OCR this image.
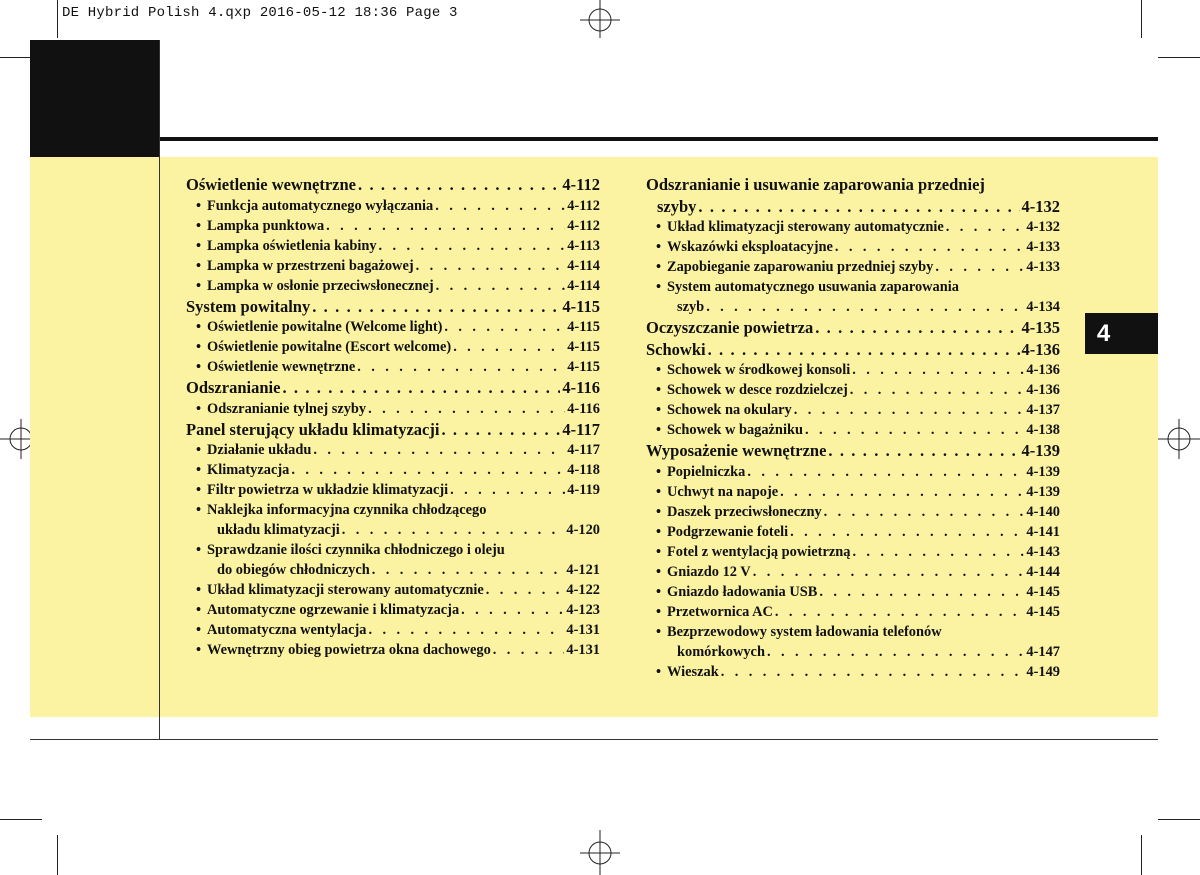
DE Hybrid Polish 4.qxp 2016-05-12 18:36 Page 3
4
Oświetlenie wewnętrzne . . .	4-112
• Funkcja automatycznego wyłączania . . .	4-112
• Lampka punktowa . . .	4-112
• Lampka oświetlenia kabiny . . .	4-113
• Lampka w przestrzeni bagażowej . . .	4-114
• Lampka w osłonie przeciwsłonecznej . . .	4-114
System powitalny . . .	4-115
• Oświetlenie powitalne (Welcome light) . . .	4-115
• Oświetlenie powitalne (Escort welcome) . . .	4-115
• Oświetlenie wewnętrzne . . .	4-115
Odszranianie . . .	4-116
• Odszranianie tylnej szyby . . .	4-116
Panel sterujący układu klimatyzacji . . .	4-117
• Działanie układu . . .	4-117
• Klimatyzacja . . .	4-118
• Filtr powietrza w układzie klimatyzacji . . .	4-119
• Naklejka informacyjna czynnika chłodzącego
układu klimatyzacji . . .	4-120
• Sprawdzanie ilości czynnika chłodniczego i oleju
do obiegów chłodniczych . . .	4-121
• Układ klimatyzacji sterowany automatycznie . . .	4-122
• Automatyczne ogrzewanie i klimatyzacja . . .	4-123
• Automatyczna wentylacja . . .	4-131
• Wewnętrzny obieg powietrza okna dachowego . . .	4-131
Odszranianie i usuwanie zaparowania przedniej
szyby . . .	4-132
• Układ klimatyzacji sterowany automatycznie . . .	4-132
• Wskazówki eksploatacyjne . . .	4-133
• Zapobieganie zaparowaniu przedniej szyby . . .	4-133
• System automatycznego usuwania zaparowania
szyb . . .	4-134
Oczyszczanie powietrza . . .	4-135
Schowki . . .	4-136
• Schowek w środkowej konsoli . . .	4-136
• Schowek w desce rozdzielczej . . .	4-136
• Schowek na okulary . . .	4-137
• Schowek w bagażniku . . .	4-138
Wyposażenie wewnętrzne . . .	4-139
• Popielniczka . . .	4-139
• Uchwyt na napoje . . .	4-139
• Daszek przeciwsłoneczny . . .	4-140
• Podgrzewanie foteli . . .	4-141
• Fotel z wentylacją powietrzną . . .	4-143
• Gniazdo 12 V . . .	4-144
• Gniazdo ładowania USB . . .	4-145
• Przetwornica AC . . .	4-145
• Bezprzewodowy system ładowania telefonów
komórkowych . . .	4-147
• Wieszak . . .	4-149
